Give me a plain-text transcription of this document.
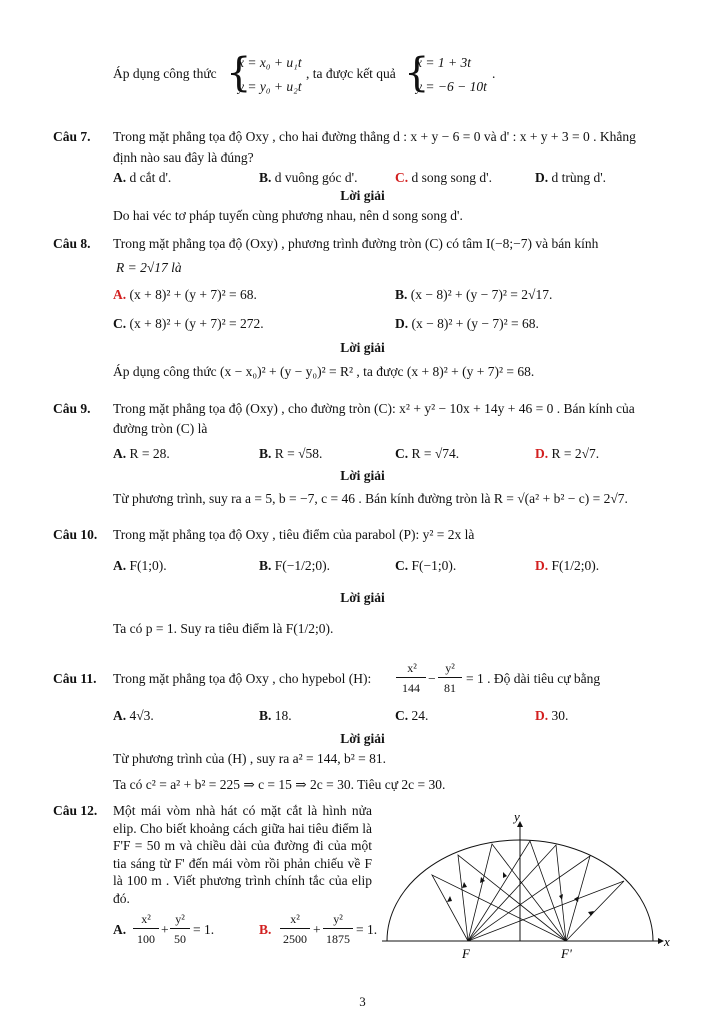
Áp dụng công thức {
x = x₀ + u₁t
y = y₀ + u₂t
, ta được kết quả {
x = 1 + 3t
y = −6 − 10t
.
Câu 7. Trong mặt phẳng tọa độ Oxy , cho hai đường thẳng d : x + y − 6 = 0 và d' : x + y + 3 = 0 . Khẳng
định nào sau đây là đúng?
A. d cắt d'.	B. d vuông góc d'.	C. d song song d'.	D. d trùng d'.
Lời giải
Do hai véc tơ pháp tuyến cùng phương nhau, nên d song song d'.
Câu 8. Trong mặt phẳng tọa độ (Oxy) , phương trình đường tròn (C) có tâm I(−8;−7) và bán kính
R = 2√17 là
A. (x + 8)² + (y + 7)² = 68.	B. (x − 8)² + (y − 7)² = 2√17.
C. (x + 8)² + (y + 7)² = 272.	D. (x − 8)² + (y − 7)² = 68.
Lời giải
Áp dụng công thức (x − x₀)² + (y − y₀)² = R² , ta được (x + 8)² + (y + 7)² = 68.
Câu 9. Trong mặt phẳng tọa độ (Oxy) , cho đường tròn (C): x² + y² − 10x + 14y + 46 = 0 . Bán kính của
đường tròn (C) là
A. R = 28.	B. R = √58.	C. R = √74.	D. R = 2√7.
Lời giải
Từ phương trình, suy ra a = 5, b = −7, c = 46 . Bán kính đường tròn là R = √(a² + b² − c) = 2√7.
Câu 10. Trong mặt phẳng tọa độ Oxy , tiêu điểm của parabol (P): y² = 2x là
A. F(1;0).	B. F(−1/2;0).	C. F(−1;0).	D. F(1/2;0).
Lời giải
Ta có p = 1. Suy ra tiêu điểm là F(1/2;0).
Câu 11. Trong mặt phẳng tọa độ Oxy , cho hypebol (H):
x²
144
−
y²
81
= 1 . Độ dài tiêu cự bằng
A. 4√3.	B. 18.	C. 24.	D. 30.
Lời giải
Từ phương trình của (H) , suy ra a² = 144, b² = 81.
Ta có c² = a² + b² = 225 ⇒ c = 15 ⇒ 2c = 30. Tiêu cự 2c = 30.
Câu 12. Một mái vòm nhà hát có mặt cắt là hình nửa elip. Cho biết khoảng cách giữa hai tiêu điểm là F'F = 50 m và chiều dài của đường đi của một tia sáng từ F' đến mái vòm rồi phản chiếu về F là 100 m . Viết phương trình chính tắc của elip đó.
A.
x²
100
+
y²
50
= 1.	B.
x²
2500
+
y²
1875
= 1.
y
x
F	F'
3
